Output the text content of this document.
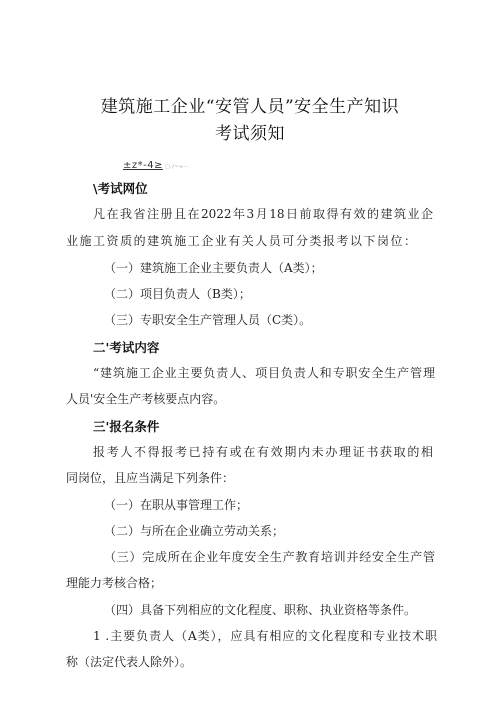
建筑施工企业“安管人员”安全生产知识
考试须知
±z*-4≥ □·/~≈·-
\考试网位
凡在我省注册且在2022年3月18日前取得有效的建筑业企
业施工资质的建筑施工企业有关人员可分类报考以下岗位：
（一）建筑施工企业主要负责人（A类）；
（二）项目负责人（B类）；
（三）专职安全生产管理人员（C类）。
二'考试内容
“建筑施工企业主要负责人、项目负责人和专职安全生产管理
人员'安全生产考核要点内容。
三'报名条件
报考人不得报考已持有或在有效期内未办理证书获取的相
同岗位，且应当满足下列条件：
（一）在职从事管理工作；
（二）与所在企业确立劳动关系；
（三）完成所在企业年度安全生产教育培训并经安全生产管
理能力考核合格；
（四）具备下列相应的文化程度、职称、执业资格等条件。
1 .主要负责人（A类），应具有相应的文化程度和专业技术职
称（法定代表人除外）。
